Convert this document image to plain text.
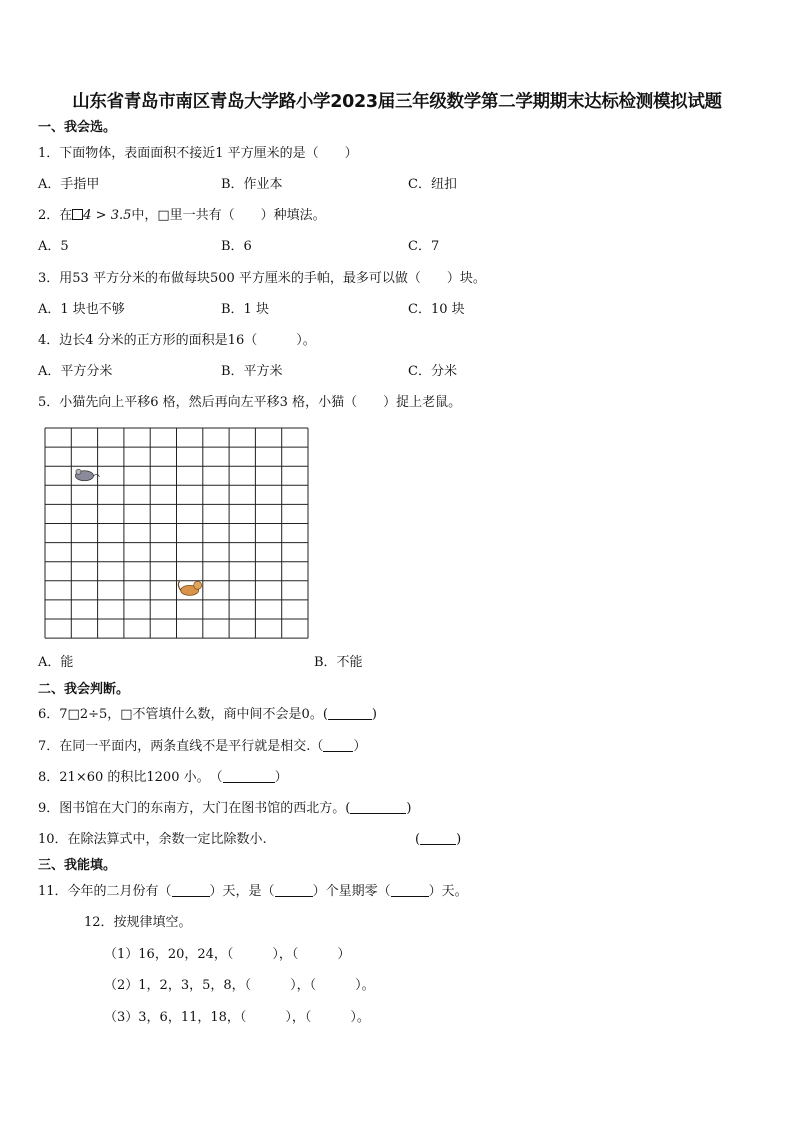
山东省青岛市南区青岛大学路小学2023届三年级数学第二学期期末达标检测模拟试题
一、我会选。
1．下面物体，表面面积不接近1 平方厘米的是（　　）
A．手指甲	B．作业本	C．纽扣
2．在 4 > 3.5中，□里一共有（　　）种填法。
A．5	B．6	C．7
3．用53 平方分米的布做每块500 平方厘米的手帕，最多可以做（　　）块。
A．1 块也不够	B．1 块	C．10 块
4．边长4 分米的正方形的面积是16（　　　）。
A．平方分米	B．平方米	C．分米
5．小猫先向上平移6 格，然后再向左平移3 格，小猫（　　）捉上老鼠。
A．能	B．不能
二、我会判断。
6．7□2÷5，□不管填什么数，商中间不会是0。(	)
7．在同一平面内，两条直线不是平行就是相交.（ ）
8．21×60 的积比1200 小。　（	）
9．图书馆在大门的东南方，大门在图书馆的西北方。(	)
10．在除法算式中，余数一定比除数小.	(	)
三、我能填。
11．今年的二月份有（	）天，是（	）个星期零（	）天。
12．按规律填空。
（1）16，20，24，（　　　），（　　　）
（2）1，2，3，5，8，（　　　），（　　　）。
（3）3，6，11，18，（　　　），（　　　）。
